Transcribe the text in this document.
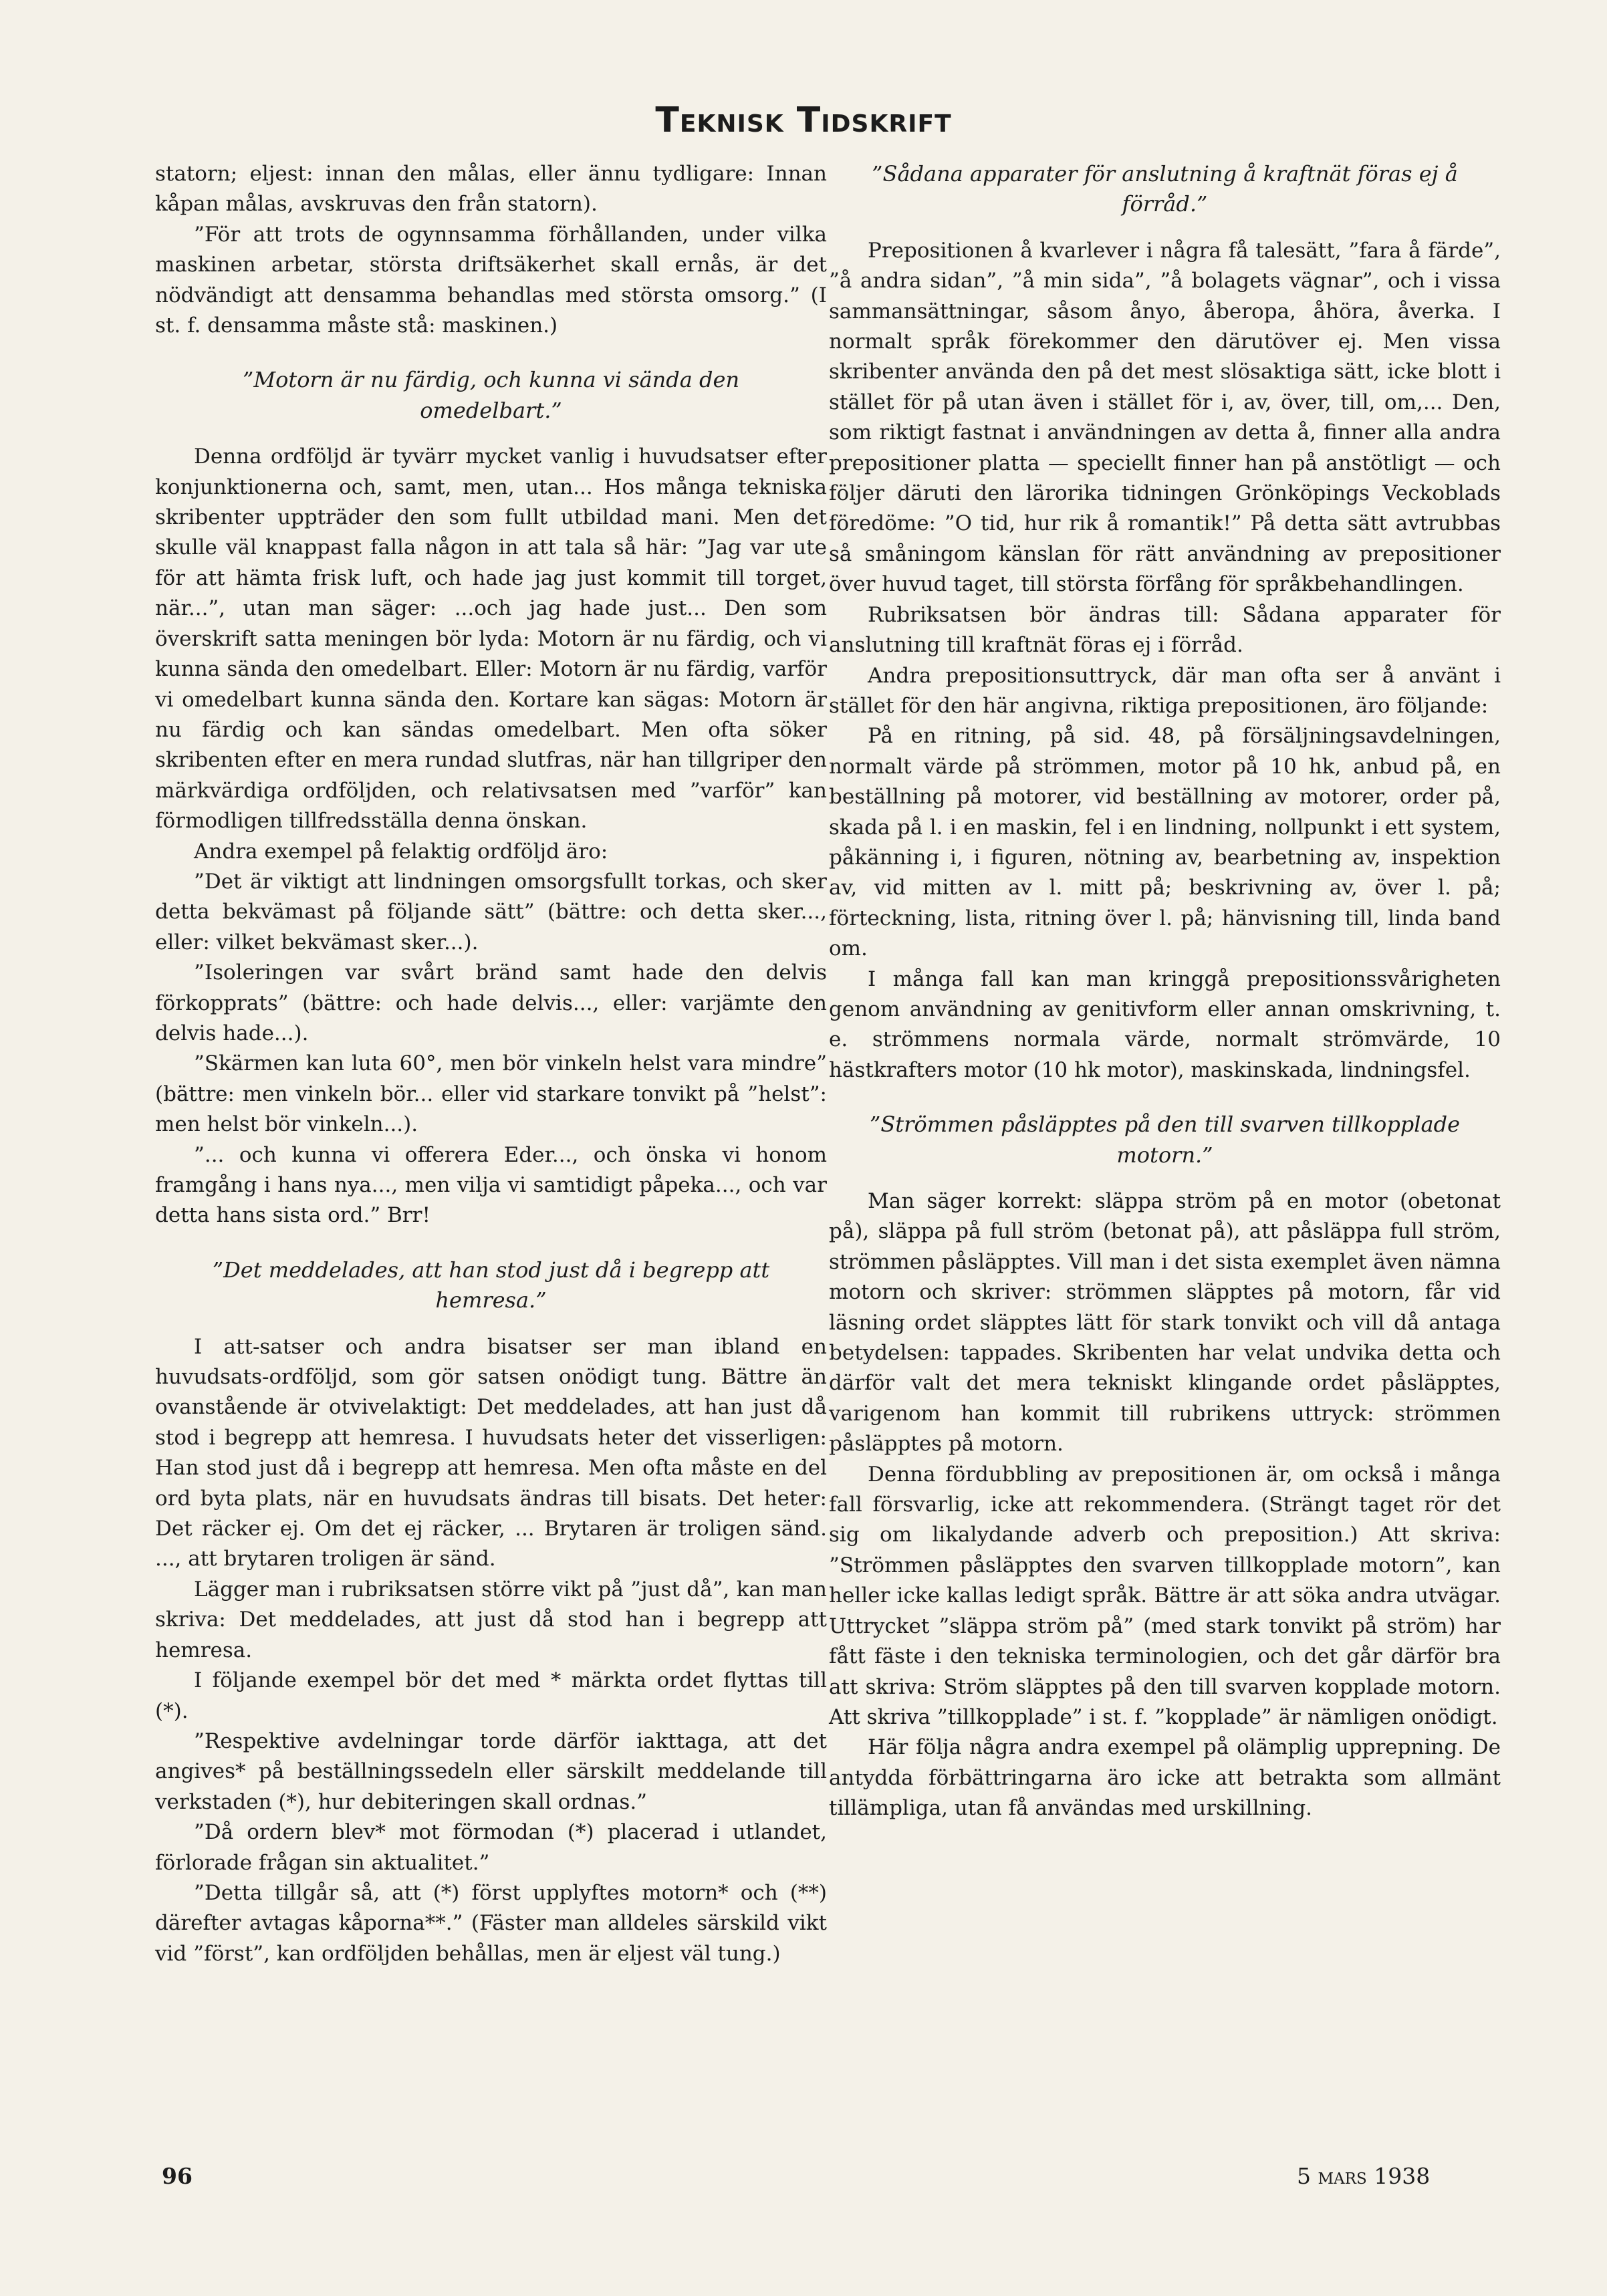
Teknisk Tidskrift

statorn; eljest: innan den målas, eller ännu tydligare: Innan kåpan målas, avskruvas den från statorn).

”För att trots de ogynnsamma förhållanden, under vilka maskinen arbetar, största driftsäkerhet skall ernås, är det nödvändigt att densamma behandlas med största omsorg.” (I st. f. densamma måste stå: maskinen.)

”Motorn är nu färdig, och kunna vi sända den omedelbart.”

Denna ordföljd är tyvärr mycket vanlig i huvudsatser efter konjunktionerna och, samt, men, utan... Hos många tekniska skribenter uppträder den som fullt utbildad mani. Men det skulle väl knappast falla någon in att tala så här: ”Jag var ute för att hämta frisk luft, och hade jag just kommit till torget, när...”, utan man säger: ...och jag hade just... Den som överskrift satta meningen bör lyda: Motorn är nu färdig, och vi kunna sända den omedelbart. Eller: Motorn är nu färdig, varför vi omedelbart kunna sända den. Kortare kan sägas: Motorn är nu färdig och kan sändas omedelbart. Men ofta söker skribenten efter en mera rundad slutfras, när han tillgriper den märkvärdiga ordföljden, och relativsatsen med ”varför” kan förmodligen tillfredsställa denna önskan.

Andra exempel på felaktig ordföljd äro:

”Det är viktigt att lindningen omsorgsfullt torkas, och sker detta bekvämast på följande sätt” (bättre: och detta sker..., eller: vilket bekvämast sker...).

”Isoleringen var svårt bränd samt hade den delvis förkopprats” (bättre: och hade delvis..., eller: varjämte den delvis hade...).

”Skärmen kan luta 60°, men bör vinkeln helst vara mindre” (bättre: men vinkeln bör... eller vid starkare tonvikt på ”helst”: men helst bör vinkeln...).

”... och kunna vi offerera Eder..., och önska vi honom framgång i hans nya..., men vilja vi samtidigt påpeka..., och var detta hans sista ord.” Brr!

”Det meddelades, att han stod just då i begrepp att hemresa.”

I att-satser och andra bisatser ser man ibland en huvudsats-ordföljd, som gör satsen onödigt tung. Bättre än ovanstående är otvivelaktigt: Det meddelades, att han just då stod i begrepp att hemresa. I huvudsats heter det visserligen: Han stod just då i begrepp att hemresa. Men ofta måste en del ord byta plats, när en huvudsats ändras till bisats. Det heter: Det räcker ej. Om det ej räcker, ... Brytaren är troligen sänd. ..., att brytaren troligen är sänd.

Lägger man i rubriksatsen större vikt på ”just då”, kan man skriva: Det meddelades, att just då stod han i begrepp att hemresa.

I följande exempel bör det med * märkta ordet flyttas till (*).

”Respektive avdelningar torde därför iakttaga, att det angives* på beställningssedeln eller särskilt meddelande till verkstaden (*), hur debiteringen skall ordnas.”

”Då ordern blev* mot förmodan (*) placerad i utlandet, förlorade frågan sin aktualitet.”

”Detta tillgår så, att (*) först upplyftes motorn* och (**) därefter avtagas kåporna**.” (Fäster man alldeles särskild vikt vid ”först”, kan ordföljden behållas, men är eljest väl tung.)

”Sådana apparater för anslutning å kraftnät föras ej å förråd.”

Prepositionen å kvarlever i några få talesätt, ”fara å färde”, ”å andra sidan”, ”å min sida”, ”å bolagets vägnar”, och i vissa sammansättningar, såsom ånyo, åberopa, åhöra, åverka. I normalt språk förekommer den därutöver ej. Men vissa skribenter använda den på det mest slösaktiga sätt, icke blott i stället för på utan även i stället för i, av, över, till, om,... Den, som riktigt fastnat i användningen av detta å, finner alla andra prepositioner platta — speciellt finner han på anstötligt — och följer däruti den lärorika tidningen Grönköpings Veckoblads föredöme: ”O tid, hur rik å romantik!” På detta sätt avtrubbas så småningom känslan för rätt användning av prepositioner över huvud taget, till största förfång för språkbehandlingen.

Rubriksatsen bör ändras till: Sådana apparater för anslutning till kraftnät föras ej i förråd.

Andra prepositionsuttryck, där man ofta ser å använt i stället för den här angivna, riktiga prepositionen, äro följande:

På en ritning, på sid. 48, på försäljningsavdelningen, normalt värde på strömmen, motor på 10 hk, anbud på, en beställning på motorer, vid beställning av motorer, order på, skada på l. i en maskin, fel i en lindning, nollpunkt i ett system, påkänning i, i figuren, nötning av, bearbetning av, inspektion av, vid mitten av l. mitt på; beskrivning av, över l. på; förteckning, lista, ritning över l. på; hänvisning till, linda band om.

I många fall kan man kringgå prepositionssvårigheten genom användning av genitivform eller annan omskrivning, t. e. strömmens normala värde, normalt strömvärde, 10 hästkrafters motor (10 hk motor), maskinskada, lindningsfel.

”Strömmen påsläpptes på den till svarven tillkopplade motorn.”

Man säger korrekt: släppa ström på en motor (obetonat på), släppa på full ström (betonat på), att påsläppa full ström, strömmen påsläpptes. Vill man i det sista exemplet även nämna motorn och skriver: strömmen släpptes på motorn, får vid läsning ordet släpptes lätt för stark tonvikt och vill då antaga betydelsen: tappades. Skribenten har velat undvika detta och därför valt det mera tekniskt klingande ordet påsläpptes, varigenom han kommit till rubrikens uttryck: strömmen påsläpptes på motorn.

Denna fördubbling av prepositionen är, om också i många fall försvarlig, icke att rekommendera. (Strängt taget rör det sig om likalydande adverb och preposition.) Att skriva: ”Strömmen påsläpptes den svarven tillkopplade motorn”, kan heller icke kallas ledigt språk. Bättre är att söka andra utvägar. Uttrycket ”släppa ström på” (med stark tonvikt på ström) har fått fäste i den tekniska terminologien, och det går därför bra att skriva: Ström släpptes på den till svarven kopplade motorn. Att skriva ”tillkopplade” i st. f. ”kopplade” är nämligen onödigt.

Här följa några andra exempel på olämplig upprepning. De antydda förbättringarna äro icke att betrakta som allmänt tillämpliga, utan få användas med urskillning.

96	5 mars 1938
